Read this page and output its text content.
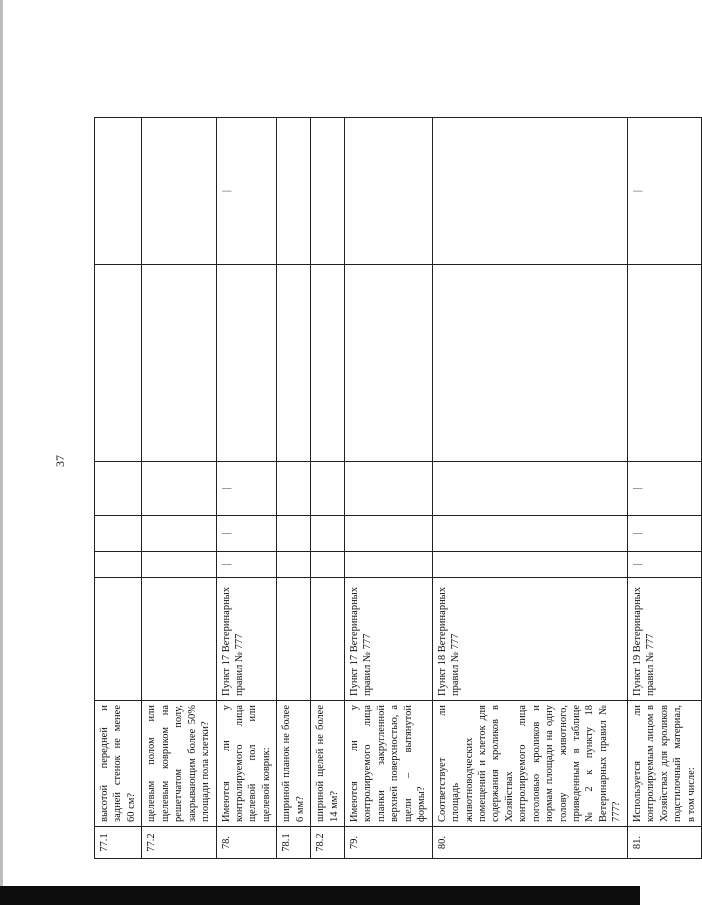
37
77.1	высотой передней и задней стенок не менее 60 см?						
77.2	щелевым полом или щелевым ковриком на решетчатом полу, закрывающим более 50% площади пола клетки?						
78.	Имеются ли у контролируемого лица щелевой пол или щелевой коврик:	Пункт 17 Ветеринарных правил № 777	|	|	|		|
78.1	шириной планок не более 6 мм?						
78.2	шириной щелей не более 14 мм?						
79.	Имеются ли у контролируемого лица планки закругленной верхней поверхностью, а щели – вытянутой формы?	Пункт 17 Ветеринарных правил № 777					
80.	Соответствует ли площадь животноводческих помещений и клеток для содержания кроликов в Хозяйствах контролируемого лица поголовью кроликов и нормам площади на одну голову животного, приведенным в таблице № 2 к пункту 18 Ветеринарных правил № 777?	Пункт 18 Ветеринарных правил № 777					
81.	Используется ли контролируемым лицом в Хозяйствах для кроликов подстилочный материал, в том числе:	Пункт 19 Ветеринарных правил № 777	|	|	|		|
